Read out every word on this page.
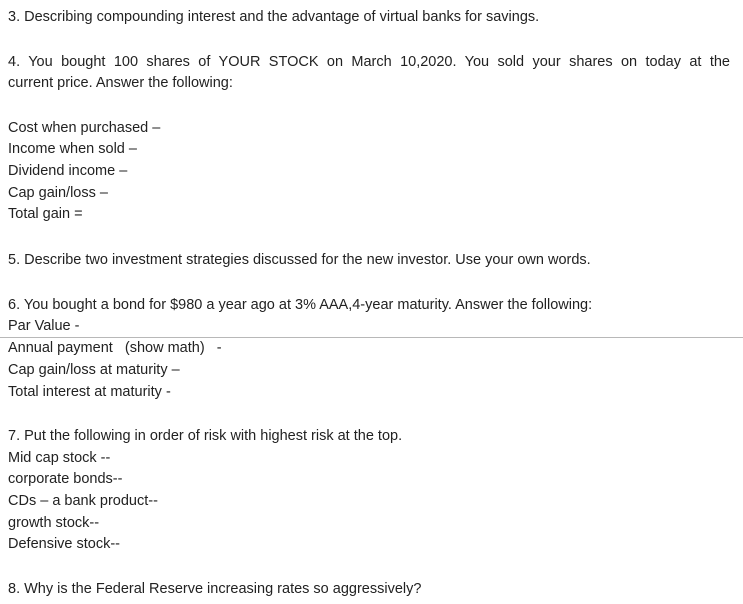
3. Describing compounding interest and the advantage of virtual banks for savings.
4. You bought 100 shares of YOUR STOCK on March 10,2020. You sold your shares on today at the
current price. Answer the following:
Cost when purchased –
Income when sold –
Dividend income –
Cap gain/loss –
Total gain =
5. Describe two investment strategies discussed for the new investor. Use your own words.
6. You bought a bond for $980 a year ago at 3% AAA,4-year maturity. Answer the following:
Par Value -
Annual payment   (show math)   -
Cap gain/loss at maturity –
Total interest at maturity -
7. Put the following in order of risk with highest risk at the top.
Mid cap stock --
corporate bonds--
CDs – a bank product--
growth stock--
Defensive stock--
8. Why is the Federal Reserve increasing rates so aggressively?
